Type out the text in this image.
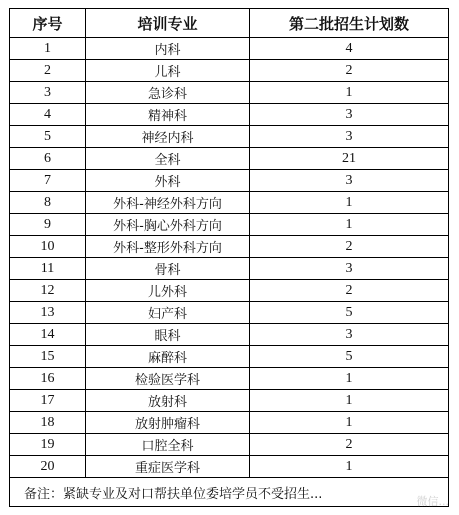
序号	培训专业	第二批招生计划数
1	内科	4
2	儿科	2
3	急诊科	1
4	精神科	3
5	神经内科	3
6	全科	21
7	外科	3
8	外科-神经外科方向	1
9	外科-胸心外科方向	1
10	外科-整形外科方向	2
11	骨科	3
12	儿外科	2
13	妇产科	5
14	眼科	3
15	麻醉科	5
16	检验医学科	1
17	放射科	1
18	放射肿瘤科	1
19	口腔全科	2
20	重症医学科	1
备注：紧缺专业及对口帮扶单位委培学员不受招生...			微信...
